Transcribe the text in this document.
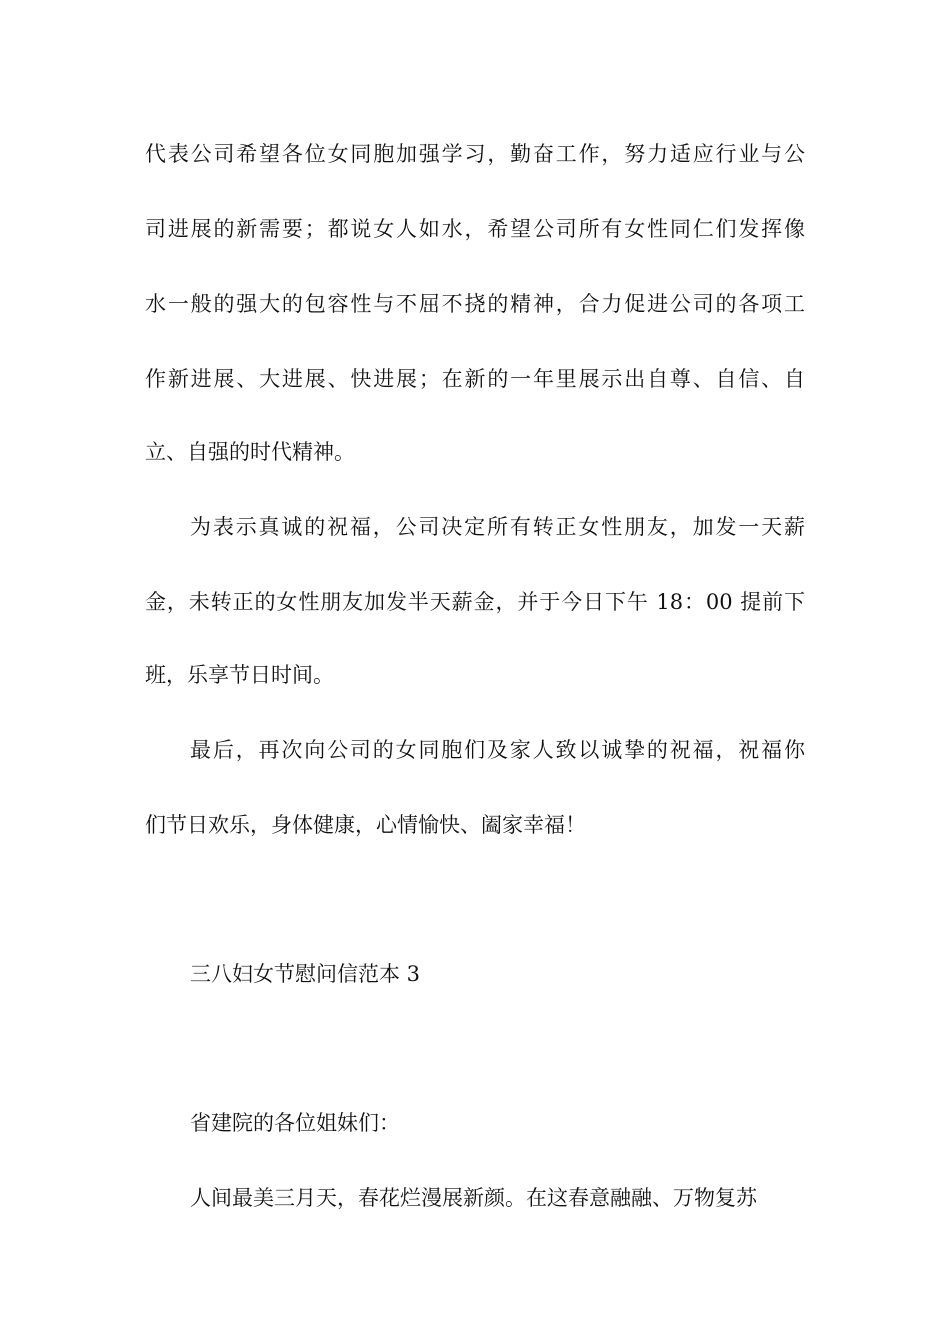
代表公司希望各位女同胞加强学习，勤奋工作，努力适应行业与公
司进展的新需要；都说女人如水，希望公司所有女性同仁们发挥像
水一般的强大的包容性与不屈不挠的精神，合力促进公司的各项工
作新进展、大进展、快进展；在新的一年里展示出自尊、自信、自
立、自强的时代精神。
为表示真诚的祝福，公司决定所有转正女性朋友，加发一天薪
金，未转正的女性朋友加发半天薪金，并于今日下午 18：00 提前下
班，乐享节日时间。
最后，再次向公司的女同胞们及家人致以诚挚的祝福，祝福你
们节日欢乐，身体健康，心情愉快、阖家幸福！
三八妇女节慰问信范本 3
省建院的各位姐妹们：
人间最美三月天，春花烂漫展新颜。在这春意融融、万物复苏
